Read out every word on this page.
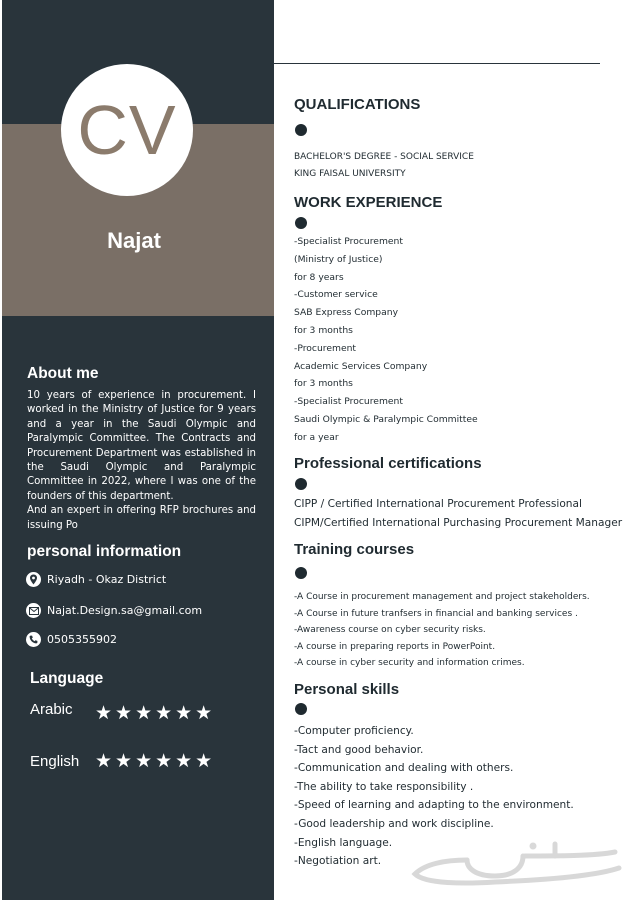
CV
Najat
About me

10 years of experience in procurement. I worked in the Ministry of Justice for 9 years and a year in the Saudi Olympic and Paralympic Committee. The Contracts and Procurement Department was established in the Saudi Olympic and Paralympic Committee in 2022, where I was one of the founders of this department.

And an expert in offering RFP brochures and issuing Po

personal information
Riyadh - Okaz District
Najat.Design.sa@gmail.com
0505355902
Language
Arabic ★★★★★★
English ★★★★★★
QUALIFICATIONS

BACHELOR'S DEGREE - SOCIAL SERVICE

KING FAISAL UNIVERSITY

WORK EXPERIENCE

-Specialist Procurement

(Ministry of Justice)

for 8 years

-Customer service

SAB Express Company

for 3 months

-Procurement

Academic Services Company

for 3 months

-Specialist Procurement

Saudi Olympic & Paralympic Committee

for a year

Professional certifications

CIPP / Certified International Procurement Professional

CIPM/Certified International Purchasing Procurement Manager

Training courses

-A Course in procurement management and project stakeholders.

-A Course in future tranfsers in financial and banking services .

-Awareness course on cyber security risks.

-A course in preparing reports in PowerPoint.

-A course in cyber security and information crimes.

Personal skills

-Computer proficiency.

-Tact and good behavior.

-Communication and dealing with others.

-The ability to take responsibility .

-Speed of learning and adapting to the environment.

-Good leadership and work discipline.

-English language.

-Negotiation art.
